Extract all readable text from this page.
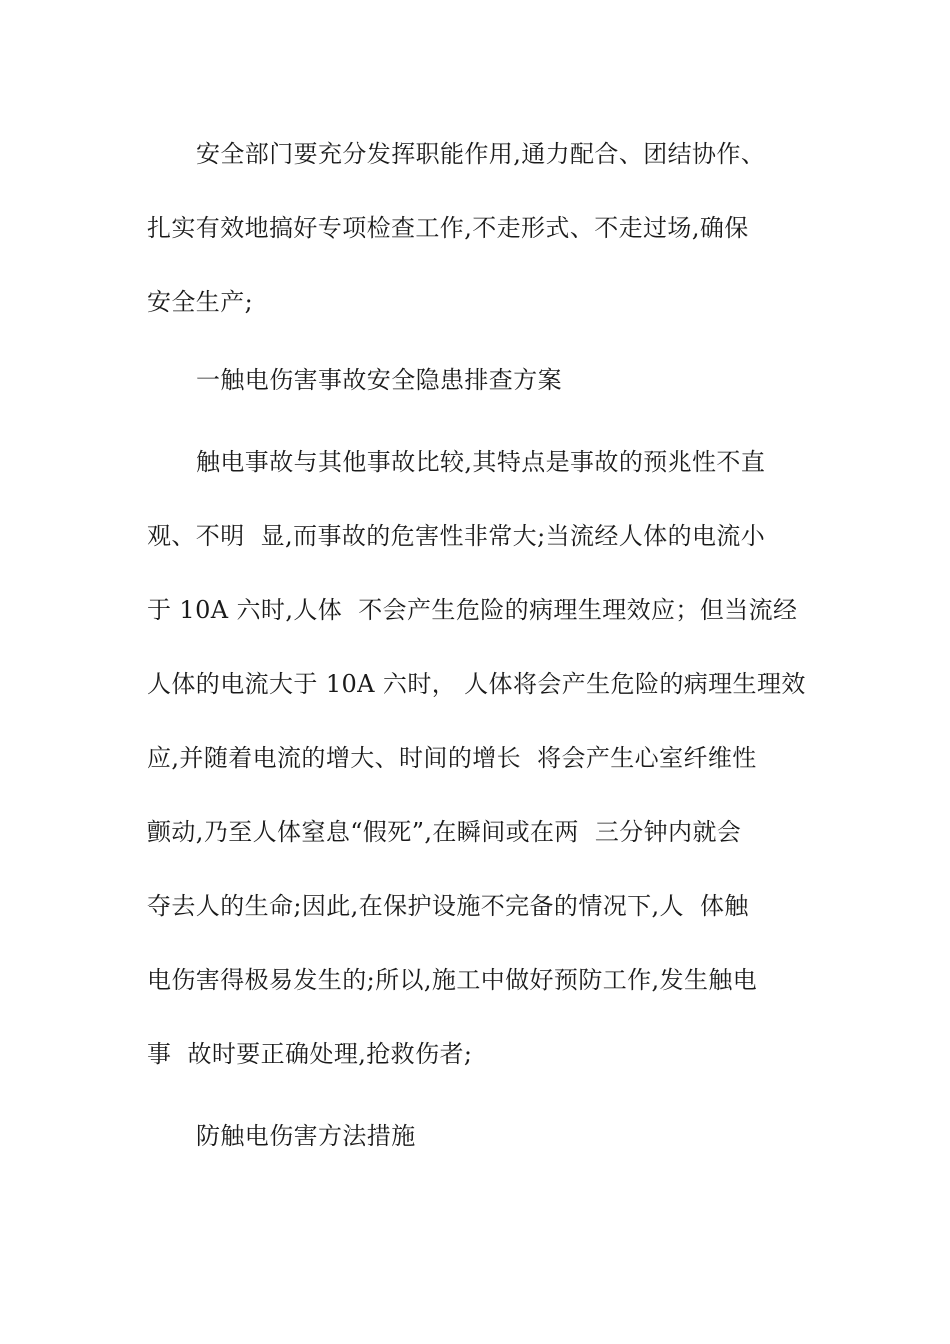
安全部门要充分发挥职能作用,通力配合、团结协作、
扎实有效地搞好专项检查工作,不走形式、不走过场,确保
安全生产;
一触电伤害事故安全隐患排查方案
触电事故与其他事故比较,其特点是事故的预兆性不直
观、不明  显,而事故的危害性非常大;当流经人体的电流小
于 10A 六时,人体  不会产生危险的病理生理效应；但当流经
人体的电流大于 10A 六时， 人体将会产生危险的病理生理效
应,并随着电流的增大、时间的增长  将会产生心室纤维性
颤动,乃至人体窒息“假死”,在瞬间或在两  三分钟内就会
夺去人的生命;因此,在保护设施不完备的情况下,人  体触
电伤害得极易发生的;所以,施工中做好预防工作,发生触电
事  故时要正确处理,抢救伤者;
防触电伤害方法措施
